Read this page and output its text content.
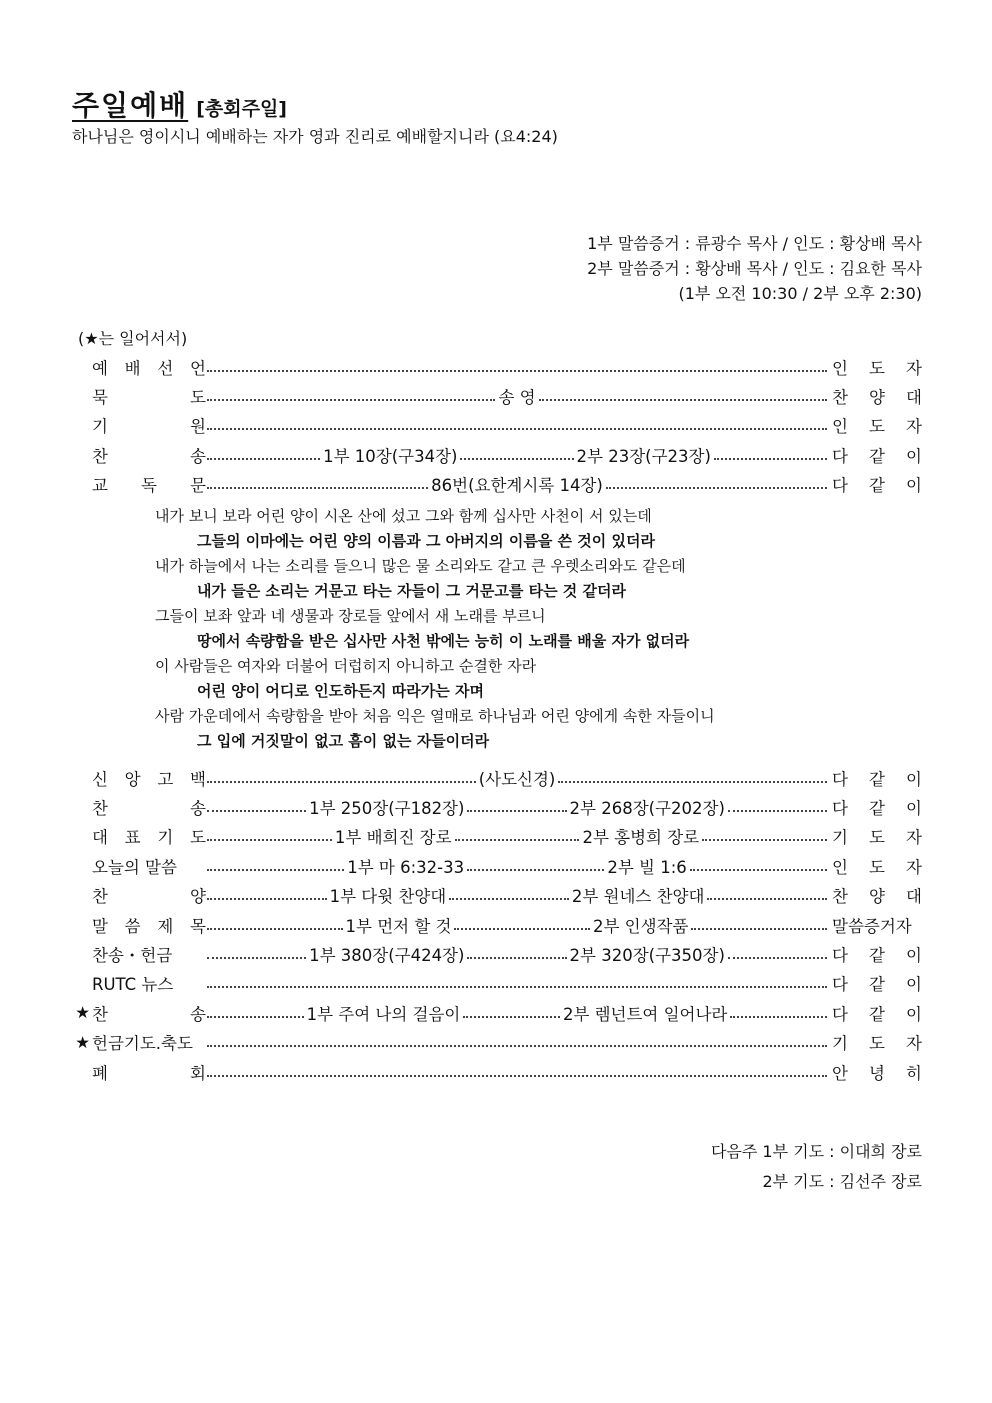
주일예배 [총회주일]
하나님은 영이시니 예배하는 자가 영과 진리로 예배할지니라 (요4:24)
1부 말씀증거 : 류광수 목사 / 인도 : 황상배 목사
2부 말씀증거 : 황상배 목사 / 인도 : 김요한 목사
(1부 오전 10:30 / 2부 오후 2:30)
(★는 일어서서)
예 배 선 언	인 도 자
묵	도	송 영	찬 양 대
기	원	인 도 자
찬	송	1부 10장(구34장)	2부 23장(구23장)	다 같 이
교 독 문	86번(요한계시록 14장)	다 같 이
내가 보니 보라 어린 양이 시온 산에 섰고 그와 함께 십사만 사천이 서 있는데
그들의 이마에는 어린 양의 이름과 그 아버지의 이름을 쓴 것이 있더라
내가 하늘에서 나는 소리를 들으니 많은 물 소리와도 같고 큰 우렛소리와도 같은데
내가 들은 소리는 거문고 타는 자들이 그 거문고를 타는 것 같더라
그들이 보좌 앞과 네 생물과 장로들 앞에서 새 노래를 부르니
땅에서 속량함을 받은 십사만 사천 밖에는 능히 이 노래를 배울 자가 없더라
이 사람들은 여자와 더불어 더럽히지 아니하고 순결한 자라
어린 양이 어디로 인도하든지 따라가는 자며
사람 가운데에서 속량함을 받아 처음 익은 열매로 하나님과 어린 양에게 속한 자들이니
그 입에 거짓말이 없고 흠이 없는 자들이더라
신 앙 고 백	(사도신경)	다 같 이
찬	송	1부 250장(구182장)	2부 268장(구202장)	다 같 이
대 표 기 도	1부 배희진 장로	2부 홍병희 장로	기 도 자
오늘의 말씀	1부 마 6:32-33	2부 빌 1:6	인 도 자
찬	양	1부 다윗 찬양대	2부 원네스 찬양대	찬 양 대
말 씀 제 목	1부 먼저 할 것	2부 인생작품	말씀증거자
찬송・헌금	1부 380장(구424장)	2부 320장(구350장)	다 같 이
RUTC 뉴스	다 같 이
★ 찬	송	1부 주여 나의 걸음이	2부 렘넌트여 일어나라	다 같 이
★ 헌금기도.축도	기 도 자
폐	회	안 녕 히
다음주 1부 기도 : 이대희 장로
2부 기도 : 김선주 장로
